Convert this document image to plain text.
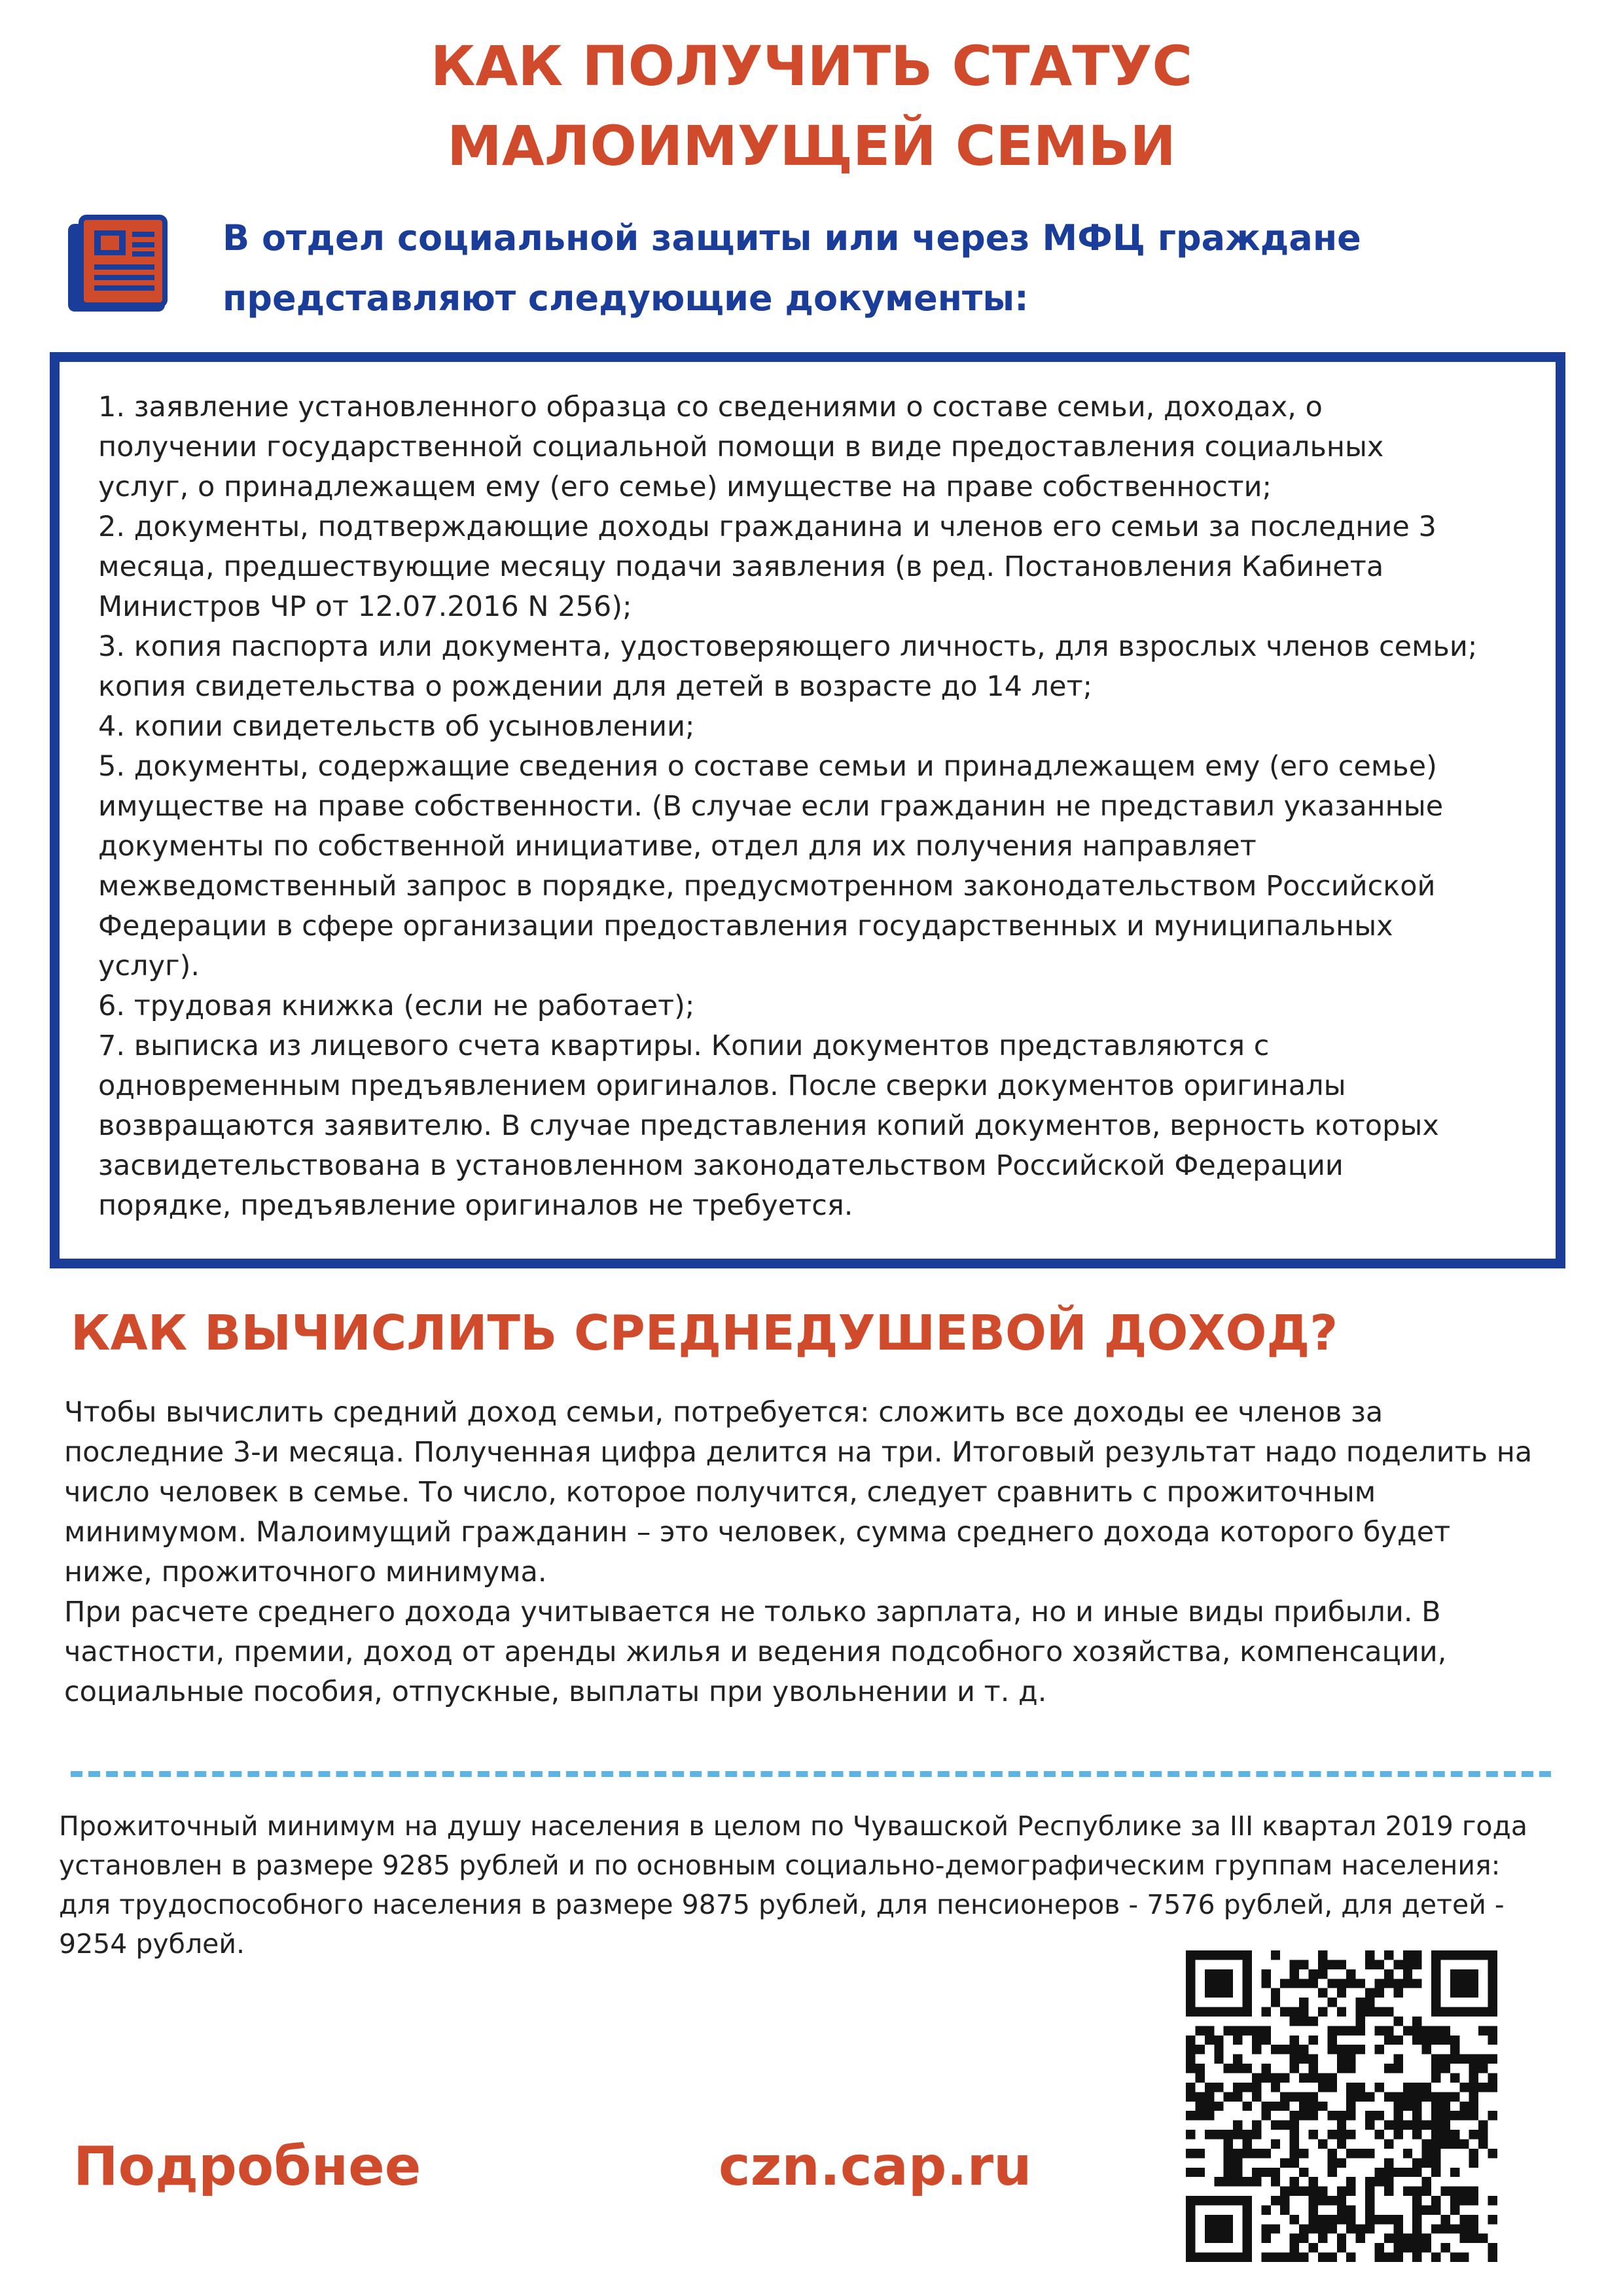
КАК ПОЛУЧИТЬ СТАТУС
МАЛОИМУЩЕЙ СЕМЬИ
В отдел социальной защиты или через МФЦ граждане
представляют следующие документы:
1. заявление установленного образца со сведениями о составе семьи, доходах, о
получении государственной социальной помощи в виде предоставления социальных
услуг, о принадлежащем ему (его семье) имуществе на праве собственности;
2. документы, подтверждающие доходы гражданина и членов его семьи за последние 3
месяца, предшествующие месяцу подачи заявления (в ред. Постановления Кабинета
Министров ЧР от 12.07.2016 N 256);
3. копия паспорта или документа, удостоверяющего личность, для взрослых членов семьи;
копия свидетельства о рождении для детей в возрасте до 14 лет;
4. копии свидетельств об усыновлении;
5. документы, содержащие сведения о составе семьи и принадлежащем ему (его семье)
имуществе на праве собственности. (В случае если гражданин не представил указанные
документы по собственной инициативе, отдел для их получения направляет
межведомственный запрос в порядке, предусмотренном законодательством Российской
Федерации в сфере организации предоставления государственных и муниципальных
услуг).
6. трудовая книжка (если не работает);
7. выписка из лицевого счета квартиры. Копии документов представляются с
одновременным предъявлением оригиналов. После сверки документов оригиналы
возвращаются заявителю. В случае представления копий документов, верность которых
засвидетельствована в установленном законодательством Российской Федерации
порядке, предъявление оригиналов не требуется.
КАК ВЫЧИСЛИТЬ СРЕДНЕДУШЕВОЙ ДОХОД?

Чтобы вычислить средний доход семьи, потребуется: сложить все доходы ее членов за

последние 3-и месяца. Полученная цифра делится на три. Итоговый результат надо поделить на

число человек в семье. То число, которое получится, следует сравнить с прожиточным

минимумом. Малоимущий гражданин – это человек, сумма среднего дохода которого будет

ниже, прожиточного минимума.

При расчете среднего дохода учитывается не только зарплата, но и иные виды прибыли. В

частности, премии, доход от аренды жилья и ведения подсобного хозяйства, компенсации,

социальные пособия, отпускные, выплаты при увольнении и т. д.

Прожиточный минимум на душу населения в целом по Чувашской Республике за III квартал 2019 года
установлен в размере 9285 рублей и по основным социально-демографическим группам населения:
для трудоспособного населения в размере 9875 рублей, для пенсионеров - 7576 рублей, для детей -
9254 рублей.
Подробнее	czn.cap.ru
